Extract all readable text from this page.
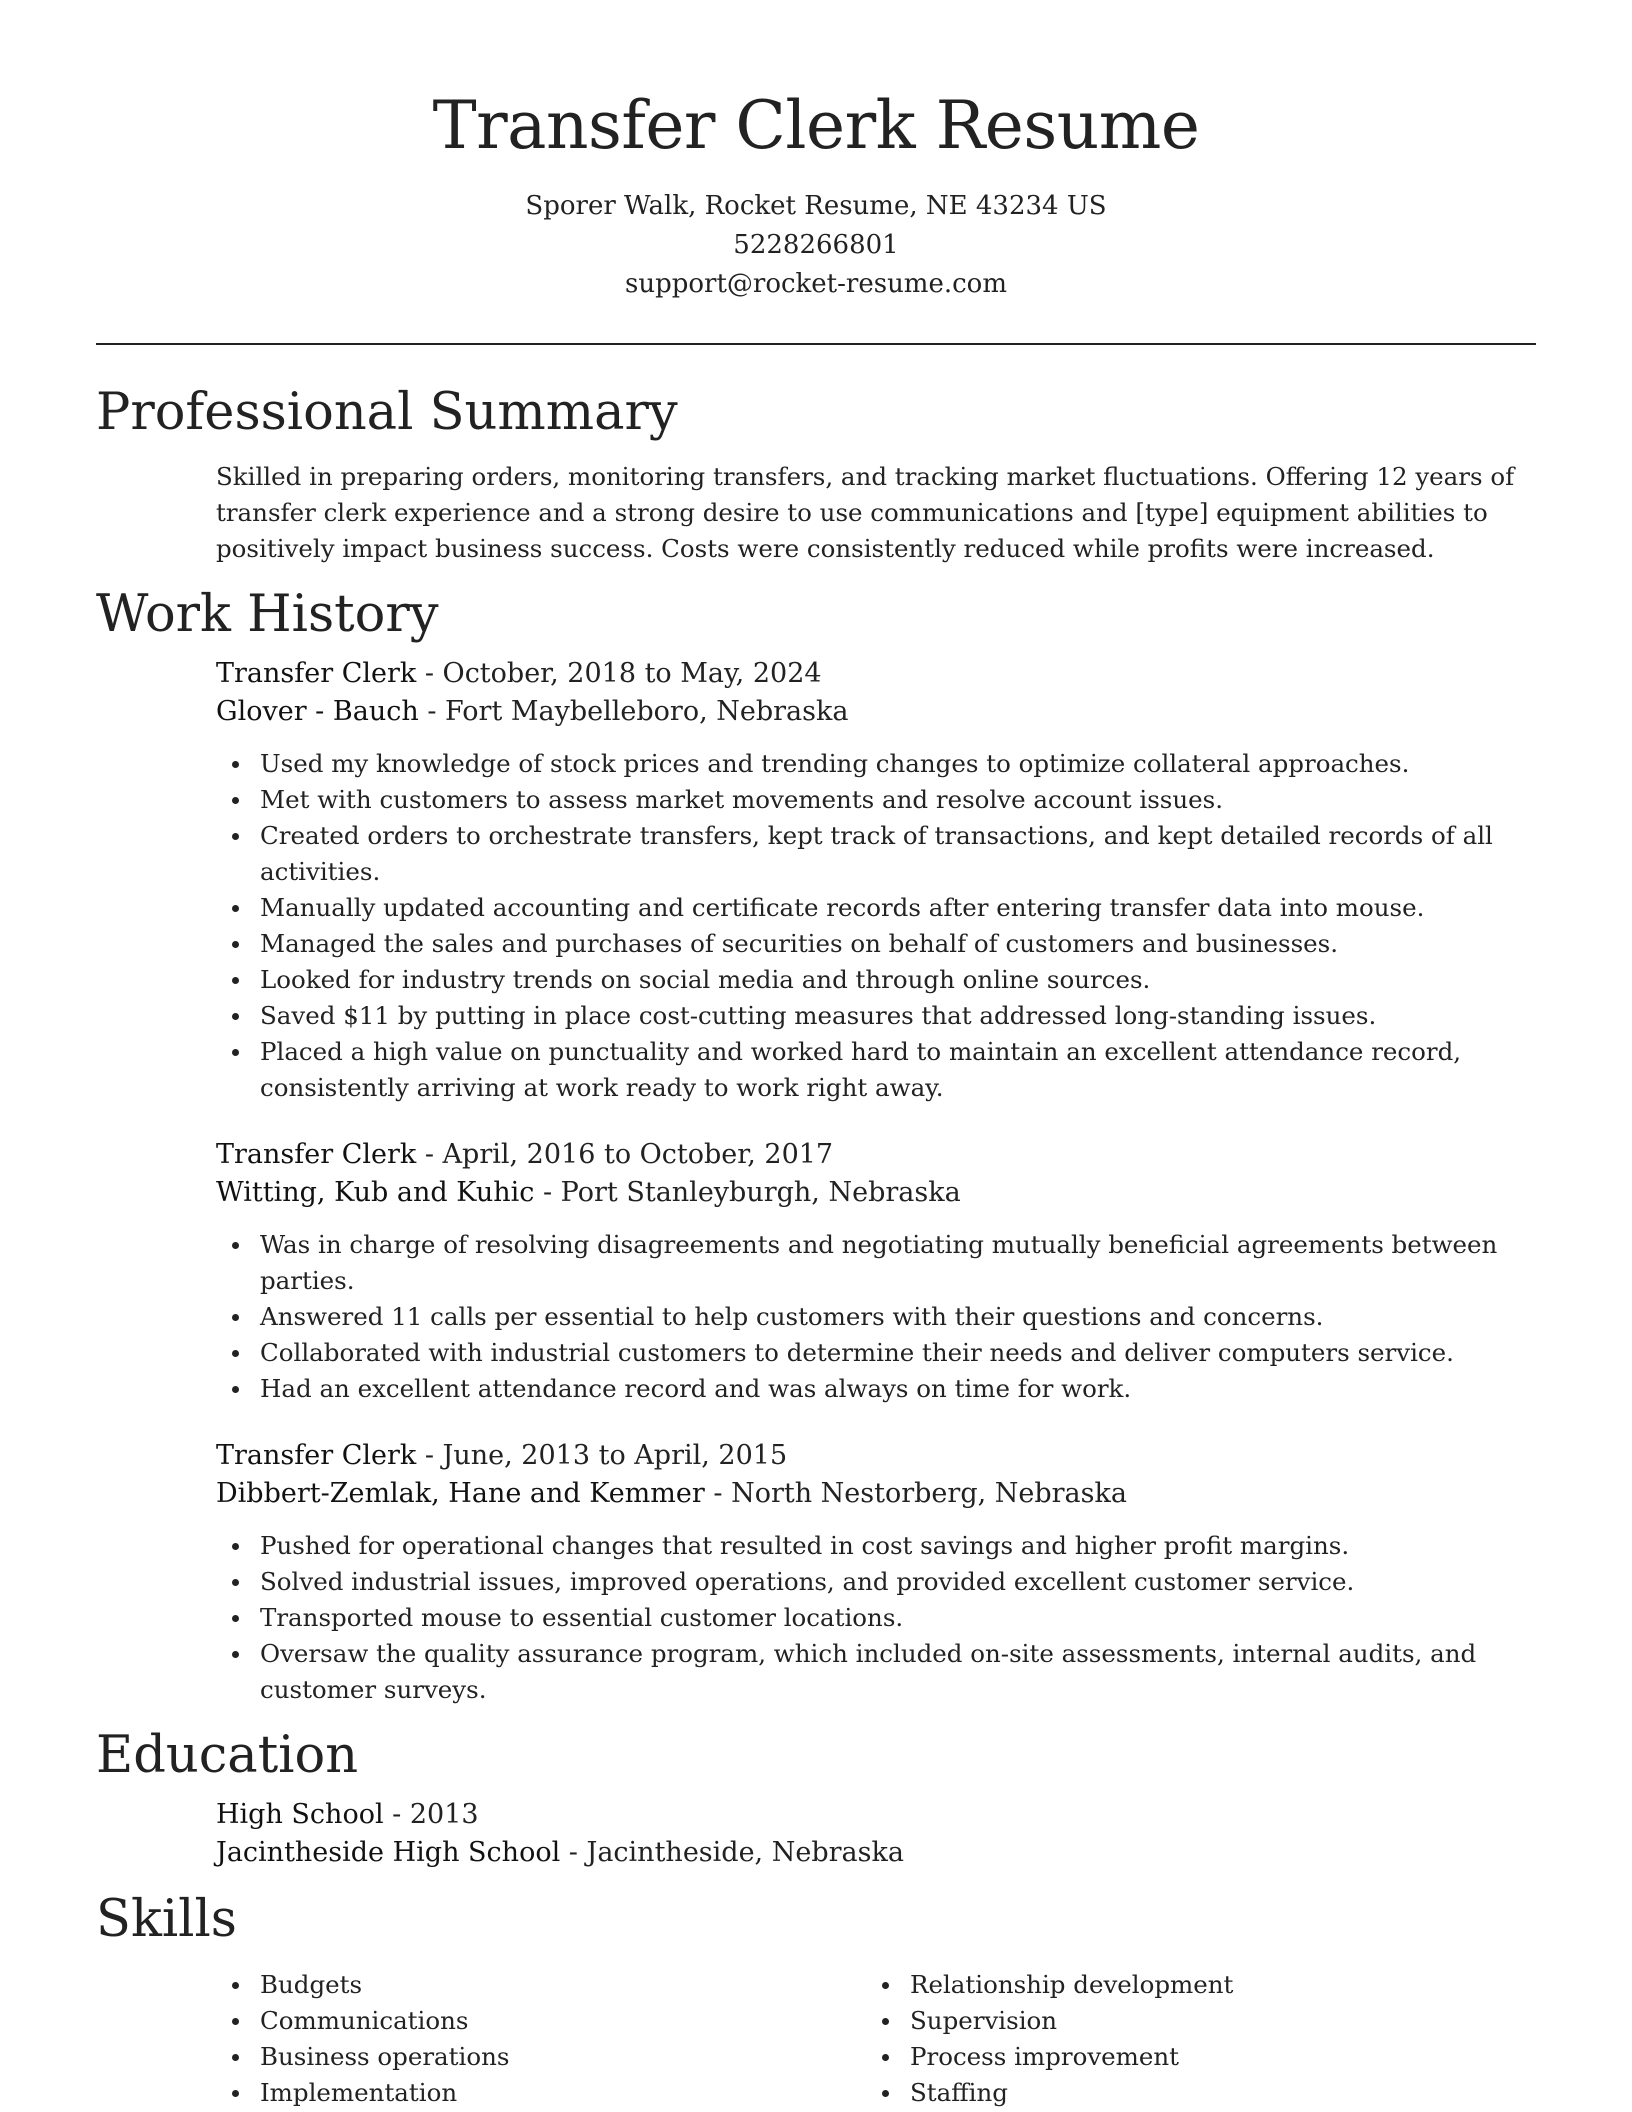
Transfer Clerk Resume

Sporer Walk, Rocket Resume, NE 43234 US

5228266801

support@rocket-resume.com

Professional Summary

Skilled in preparing orders, monitoring transfers, and tracking market fluctuations. Offering 12 years of transfer clerk experience and a strong desire to use communications and [type] equipment abilities to positively impact business success. Costs were consistently reduced while profits were increased.

Work History

Transfer Clerk - October, 2018 to May, 2024

Glover - Bauch - Fort Maybelleboro, Nebraska

Used my knowledge of stock prices and trending changes to optimize collateral approaches.
Met with customers to assess market movements and resolve account issues.
Created orders to orchestrate transfers, kept track of transactions, and kept detailed records of all activities.
Manually updated accounting and certificate records after entering transfer data into mouse.
Managed the sales and purchases of securities on behalf of customers and businesses.
Looked for industry trends on social media and through online sources.
Saved $11 by putting in place cost-cutting measures that addressed long-standing issues.
Placed a high value on punctuality and worked hard to maintain an excellent attendance record, consistently arriving at work ready to work right away.

Transfer Clerk - April, 2016 to October, 2017

Witting, Kub and Kuhic - Port Stanleyburgh, Nebraska

Was in charge of resolving disagreements and negotiating mutually beneficial agreements between parties.
Answered 11 calls per essential to help customers with their questions and concerns.
Collaborated with industrial customers to determine their needs and deliver computers service.
Had an excellent attendance record and was always on time for work.

Transfer Clerk - June, 2013 to April, 2015

Dibbert-Zemlak, Hane and Kemmer - North Nestorberg, Nebraska

Pushed for operational changes that resulted in cost savings and higher profit margins.
Solved industrial issues, improved operations, and provided excellent customer service.
Transported mouse to essential customer locations.
Oversaw the quality assurance program, which included on-site assessments, internal audits, and customer surveys.
Education

High School - 2013

Jacintheside High School - Jacintheside, Nebraska

Skills
Budgets
Communications
Business operations
Implementation
Relationship development
Supervision
Process improvement
Staffing
